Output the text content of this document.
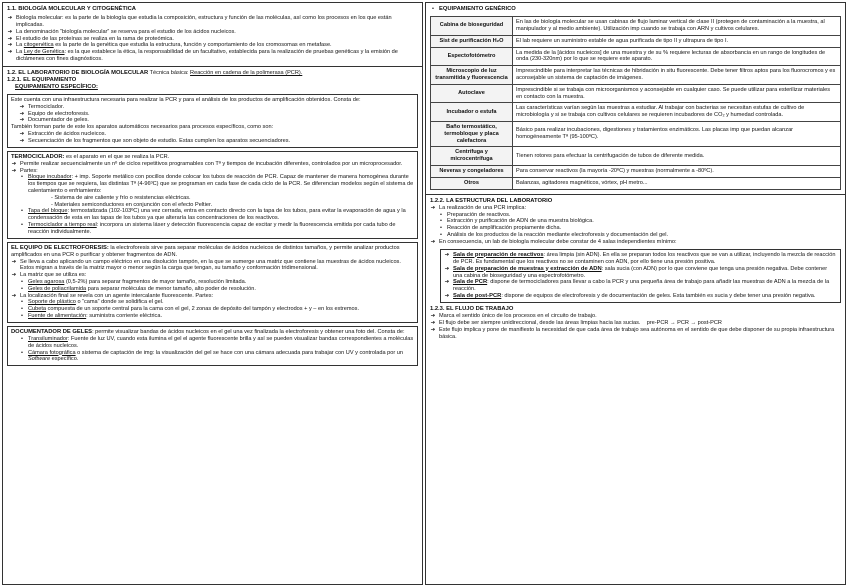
1.1. BIOLOGÍA MOLECULAR Y CITOGENÉTICA
➔ Biología molecular: es la parte de la biología que estudia la composición, estructura y función de las moléculas, así como los procesos en los que están implicadas.
➔ La denominación “biología molecular” se reserva para el estudio de los ácidos nucleicos.
➔ El estudio de las proteínas se realiza en la rama de proteómica.
➔ La citogenética es la parte de la genética que estudia la estructura, función y comportamiento de los cromosomas en metafase.
➔ La Ley de Genética: es la que establece la ética, la responsabilidad de un facultativo, establecida para la realización de pruebas genéticas y la emisión de dictámenes con fines diagnósticos.
1.2. EL LABORATORIO DE BIOLOGÍA MOLECULAR Técnica básica: Reacción en cadena de la polimerasa (PCR).
1.2.1. EL EQUIPAMIENTO
EQUIPAMIENTO ESPECÍFICO:
Este cuenta con una infraestructura necesaria para realizar la PCR y para el análisis de los productos de amplificación obtenidos. Consta de:
➔ Termociclador.
➔ Equipo de electroforesis.
➔ Documentador de geles.
También forman parte de este los aparatos automáticos necesarios para procesos específicos, como son:
➔ Extracción de ácidos nucleicos.
➔ Secuenciación de los fragmentos que son objeto de estudio. Estas cumplen los aparatos secuenciadores.
TERMOCICLADOR: es el aparato en el que se realiza la PCR.
➔ Permite realizar secuencialmente un nº de ciclos repetitivos programables con Tª y tiempos de incubación diferentes, controlados por un microprocesador.
➔ Partes:
• Bloque incubador: + imp. Soporte metálico con pocillos donde colocar los tubos de reacción de PCR. Capaz de mantener de manera homogénea durante los tiempos que se requiera, las distintas Tª (4-96ºC) que se programan en cada fase de cada ciclo de la PCR. Se diferencian modelos según el sistema de calentamiento o enfriamiento:
- Sistema de aire caliente y frío o resistencias eléctricas.
- Materiales semiconductores en conjunción con el efecto Peltier.
• Tapa del bloque: termostatizada (102-103ºC) una vez cerrada, entra en contacto directo con la tapa de los tubos, para evitar la evaporación de agua y la condensación de esta en las tapas de los tubos ya que alteraría las concentraciones de los reactivos.
• Termociclador a tiempo real: incorpora un sistema láser y detección fluorescencia capaz de excitar y medir la fluorescencia emitida por cada tubo de reacción individualmente.
EL EQUIPO DE ELECTROFORESIS: la electroforesis sirve para separar moléculas de ácidos nucleicos de distintos tamaños, y permite analizar productos amplificados en una PCR o purificar y obtener fragmentos de ADN.
➔ Se lleva a cabo aplicando un campo eléctrico en una disolución tampón, en la que se sumerge una matriz que contiene las muestras de ácidos nucleicos. Estos migran a través de la matriz mayor o menor según la carga que tengan, su tamaño y conformación tridimensional.
➔ La matriz que se utiliza es:
• Geles agarosa (0,5-2%) para separar fragmentos de mayor tamaño, resolución limitada.
• Geles de poliacrilamida para separar moléculas de menor tamaño, alto poder de resolución.
➔ La localización final se revela con un agente intercalante fluorescente. Partes:
• Soporte de plástico o “cama” donde se solidifica el gel.
• Cubeta compuesta de un soporte central para la cama con el gel, 2 zonas de depósito del tampón y electrodos + y – en los extremos.
• Fuente de alimentación: suministra corriente eléctrica.
DOCUMENTADOR DE GELES: permite visualizar bandas de ácidos nucleicos en el gel una vez finalizada la electroforesis y obtener una foto del. Consta de:
• Transiluminador: Fuente de luz UV, cuando esta ilumina el gel el agente fluorescente brilla y así se pueden visualizar bandas correspondientes a moléculas de ácidos nucleicos.
• Cámara fotográfica o sistema de captación de img: la visualización del gel se hace con una cámara adecuada para trabajar con UV y controlada por un Software específico.
• EQUIPAMIENTO GENÉRICO
Cabina de bioseguridad	En las de biología molecular se usan cabinas de flujo laminar vertical de clase II (protegen de contaminación a la muestra, al manipulador y al medio ambiente). Utilización imp cuando se trabaja con ARN y cultivos celulares.
Sist de purificación H₂O	El lab requiere un suministro estable de agua purificada de tipo II y ultrapura de tipo I.
Espectofotómetro	La medida de la [ácidos nucleicos] de una muestra y de su % requiere lecturas de absorbancia en un rango de longitudes de onda (230-320nm) por lo que se requiere este aparato.
Microscopio de luz transmitida y fluorescencia	Imprescindible para interpretar las técnicas de hibridación in situ fluorescente. Debe tener filtros aptos para los fluorocromos y es aconsejable un sistema de captación de imágenes.
Autoclave	Imprescindible si se trabaja con microorganismos y aconsejable en cualquier caso. Se puede utilizar para esterilizar materiales en contacto con la muestra.
Incubador o estufa	Las características varían según las muestras a estudiar. Al trabajar con bacterias se necesitan estufas de cultivo de microbiología y si se trabaja con cultivos celulares se requieren incubadores de CO₂ y humedad controlada.
Baño termostático, termobloque y placa calefactora	Básico para realizar incubaciones, digestiones y tratamientos enzimáticos. Las placas imp que puedan alcanzar homogéneamente Tª (95-100ºC).
Centrífuga y microcentrífuga	Tienen rotores para efectuar la centrifugación de tubos de diferente medida.
Neveras y congeladores	Para conservar reactivos (la mayoría -20ºC) y muestras (normalmente a -80ºC).
Otros	Balanzas, agitadores magnéticos, vórtex, pH metro...
1.2.2. LA ESTRUCTURA DEL LABORATORIO
➔ La realización de una PCR implica:
• Preparación de reactivos.
• Extracción y purificación de ADN de una muestra biológica.
• Reacción de amplificación propiamente dicha.
• Análisis de los productos de la reacción mediante electroforesis y documentación del gel.
➔ En consecuencia, un lab de biología molecular debe constar de 4 salas independientes mínimo:
➔ Sala de preparación de reactivos: área limpia (sin ADN). En ella se preparan todos los reactivos que se van a utilizar, incluyendo la mezcla de reacción de PCR. Es fundamental que los reactivos no se contaminen con ADN, por ello tiene una presión positiva.
➔ Sala de preparación de muestras y extracción de ADN: sala sucia (con ADN) por lo que conviene que tenga una presión negativa. Debe contener una cabina de bioseguridad y una espectrofotómetro.
➔ Sala de PCR: dispone de termocicladores para llevar a cabo la PCR y una pequeña área de trabajo para añadir las muestras de ADN a la mezcla de la reacción.
➔ Sala de post-PCR: dispone de equipos de electroforesis y de documentación de geles. Esta también es sucia y debe tener una presión negativa.
1.2.3. EL FLUJO DE TRABAJO
➔ Marca el sentido único de los procesos en el circuito de trabajo.
➔ El flujo debe ser siempre unidireccional, desde las áreas limpias hacia las sucias. pre-PCR → PCR → post-PCR
➔ Este flujo implica y pone de manifiesto la necesidad de que cada área de trabajo sea autónoma en el sentido de que debe disponer de su propia infraestructura básica.
